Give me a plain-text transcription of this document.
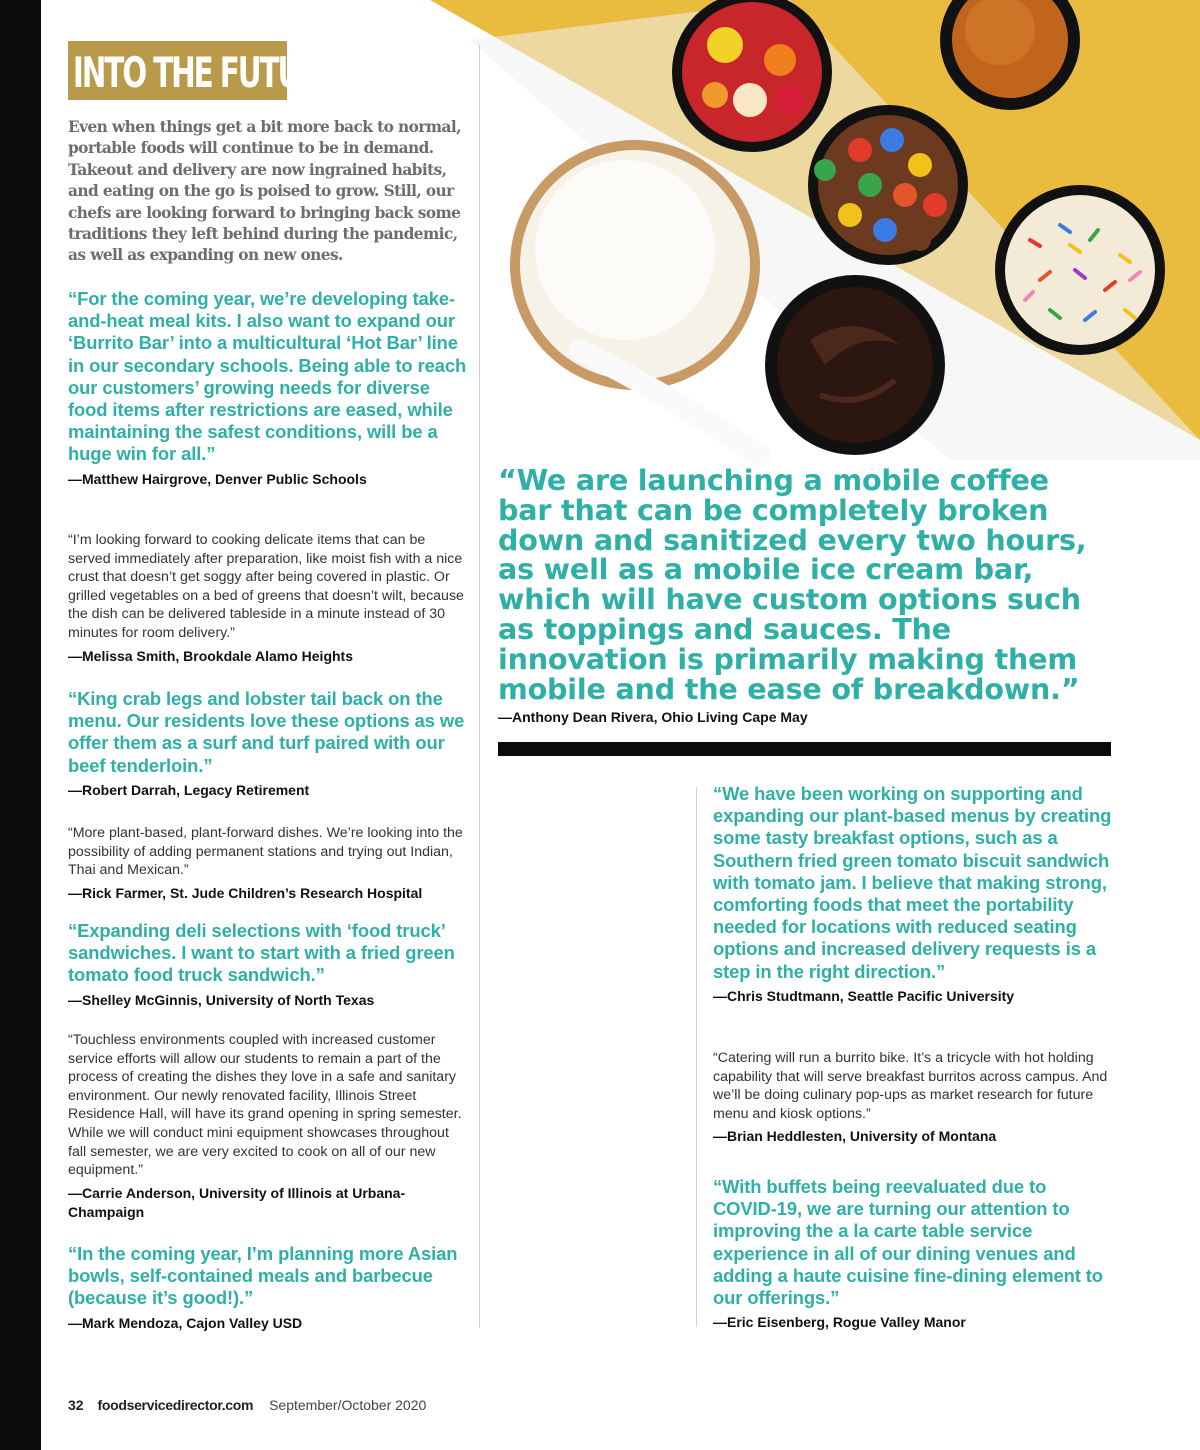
INTO THE FUTURE
Even when things get a bit more back to normal, portable foods will continue to be in demand. Takeout and delivery are now ingrained habits, and eating on the go is poised to grow. Still, our chefs are looking forward to bringing back some traditions they left behind during the pandemic, as well as expanding on new ones.
“For the coming year, we’re developing take-and-heat meal kits. I also want to expand our ‘Burrito Bar’ into a multicultural ‘Hot Bar’ line in our secondary schools. Being able to reach our customers’ growing needs for diverse food items after restrictions are eased, while maintaining the safest conditions, will be a huge win for all.”
—Matthew Hairgrove, Denver Public Schools
“I’m looking forward to cooking delicate items that can be served immediately after preparation, like moist fish with a nice crust that doesn’t get soggy after being covered in plastic. Or grilled vegetables on a bed of greens that doesn’t wilt, because the dish can be delivered tableside in a minute instead of 30 minutes for room delivery.”
—Melissa Smith, Brookdale Alamo Heights
“King crab legs and lobster tail back on the menu. Our residents love these options as we offer them as a surf and turf paired with our beef tenderloin.”
—Robert Darrah, Legacy Retirement
“More plant-based, plant-forward dishes. We’re looking into the possibility of adding permanent stations and trying out Indian, Thai and Mexican.”
—Rick Farmer, St. Jude Children’s Research Hospital
“Expanding deli selections with ‘food truck’ sandwiches. I want to start with a fried green tomato food truck sandwich.”
—Shelley McGinnis, University of North Texas
“Touchless environments coupled with increased customer service efforts will allow our students to remain a part of the process of creating the dishes they love in a safe and sanitary environment. Our newly renovated facility, Illinois Street Residence Hall, will have its grand opening in spring semester. While we will conduct mini equipment showcases throughout fall semester, we are very excited to cook on all of our new equipment.”
—Carrie Anderson, University of Illinois at Urbana-Champaign
“In the coming year, I’m planning more Asian bowls, self-contained meals and barbecue (because it’s good!).”
—Mark Mendoza, Cajon Valley USD
“We are launching a mobile coffee bar that can be completely broken down and sanitized every two hours, as well as a mobile ice cream bar, which will have custom options such as toppings and sauces. The innovation is primarily making them mobile and the ease of breakdown.”
—Anthony Dean Rivera, Ohio Living Cape May
“We have been working on supporting and expanding our plant-based menus by creating some tasty breakfast options, such as a Southern fried green tomato biscuit sandwich with tomato jam. I believe that making strong, comforting foods that meet the portability needed for locations with reduced seating options and increased delivery requests is a step in the right direction.”
—Chris Studtmann, Seattle Pacific University
“Catering will run a burrito bike. It’s a tricycle with hot holding capability that will serve breakfast burritos across campus. And we’ll be doing culinary pop-ups as market research for future menu and kiosk options.”
—Brian Heddlesten, University of Montana
“With buffets being reevaluated due to COVID-19, we are turning our attention to improving the a la carte table service experience in all of our dining venues and adding a haute cuisine fine-dining element to our offerings.”
—Eric Eisenberg, Rogue Valley Manor
32 foodservicedirector.com September/October 2020
